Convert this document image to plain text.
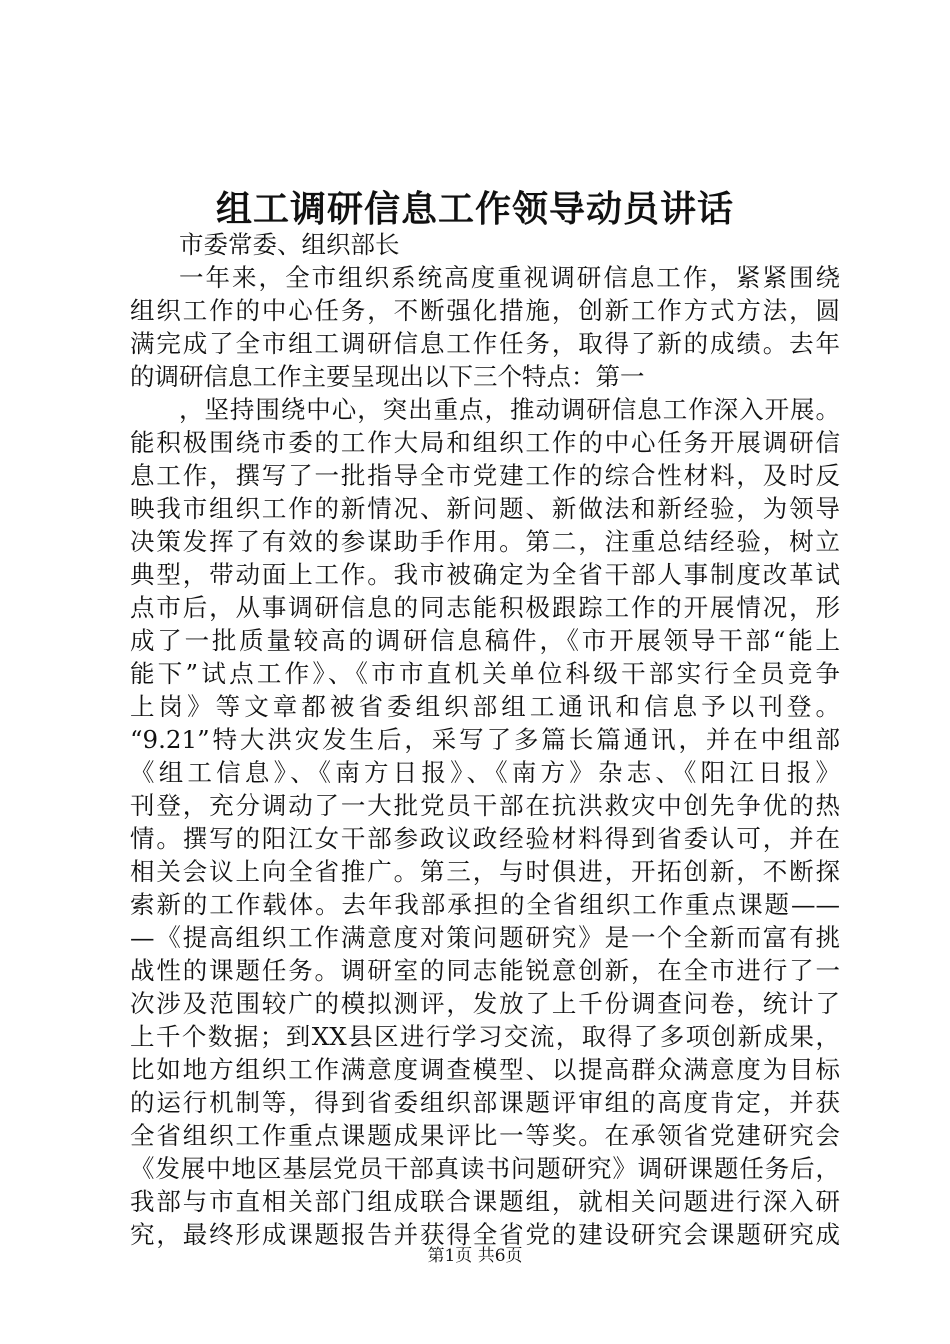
组工调研信息工作领导动员讲话
市委常委、组织部长
一年来，全市组织系统高度重视调研信息工作，紧紧围绕
组织工作的中心任务，不断强化措施，创新工作方式方法，圆
满完成了全市组工调研信息工作任务，取得了新的成绩。去年
的调研信息工作主要呈现出以下三个特点：第一
，坚持围绕中心，突出重点，推动调研信息工作深入开展。
能积极围绕市委的工作大局和组织工作的中心任务开展调研信
息工作，撰写了一批指导全市党建工作的综合性材料，及时反
映我市组织工作的新情况、新问题、新做法和新经验，为领导
决策发挥了有效的参谋助手作用。第二，注重总结经验，树立
典型，带动面上工作。我市被确定为全省干部人事制度改革试
点市后，从事调研信息的同志能积极跟踪工作的开展情况，形
成了一批质量较高的调研信息稿件，《市开展领导干部“能上
能下”试点工作》、《市市直机关单位科级干部实行全员竞争
上岗》等文章都被省委组织部组工通讯和信息予以刊登。
“9.21”特大洪灾发生后，采写了多篇长篇通讯，并在中组部
《组工信息》、《南方日报》、《南方》杂志、《阳江日报》
刊登，充分调动了一大批党员干部在抗洪救灾中创先争优的热
情。撰写的阳江女干部参政议政经验材料得到省委认可，并在
相关会议上向全省推广。第三，与时俱进，开拓创新，不断探
索新的工作载体。去年我部承担的全省组织工作重点课题——
—《提高组织工作满意度对策问题研究》是一个全新而富有挑
战性的课题任务。调研室的同志能锐意创新，在全市进行了一
次涉及范围较广的模拟测评，发放了上千份调查问卷，统计了
上千个数据；到XX县区进行学习交流，取得了多项创新成果，
比如地方组织工作满意度调查模型、以提高群众满意度为目标
的运行机制等，得到省委组织部课题评审组的高度肯定，并获
全省组织工作重点课题成果评比一等奖。在承领省党建研究会
《发展中地区基层党员干部真读书问题研究》调研课题任务后，
我部与市直相关部门组成联合课题组，就相关问题进行深入研
究，最终形成课题报告并获得全省党的建设研究会课题研究成
第1页 共6页
